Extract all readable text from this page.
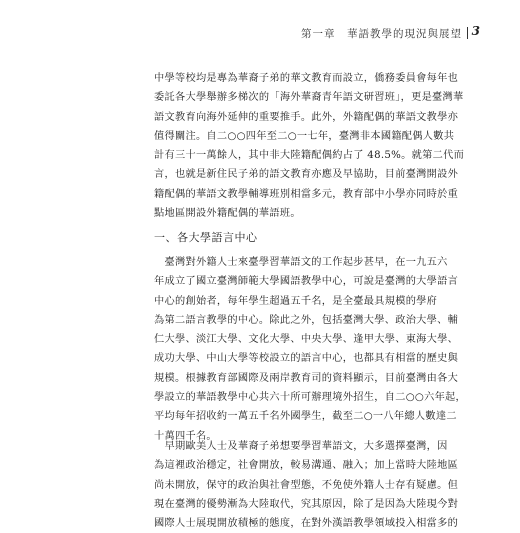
第一章　華語教學的現況與展望 3
中學等校均是專為華裔子弟的華文教育而設立，僑務委員會每年也
委託各大學舉辦多梯次的「海外華裔青年語文研習班」，更是臺灣華
語文教育向海外延伸的重要推手。此外，外籍配偶的華語文教學亦
值得關注。自二○○四年至二○一七年，臺灣非本國籍配偶人數共
計有三十一萬餘人，其中非大陸籍配偶約占了 48.5%。就第二代而
言，也就是新住民子弟的語文教育亦應及早協助，目前臺灣開設外
籍配偶的華語文教學輔導班別相當多元，教育部中小學亦同時於重
點地區開設外籍配偶的華語班。
一、各大學語言中心
　臺灣對外籍人士來臺學習華語文的工作起步甚早，在一九五六
年成立了國立臺灣師範大學國語教學中心，可說是臺灣的大學語言
中心的創始者，每年學生超過五千名，是全臺最具規模的學府
為第二語言教學的中心。除此之外，包括臺灣大學、政治大學、輔
仁大學、淡江大學、文化大學、中央大學、逢甲大學、東海大學、
成功大學、中山大學等校設立的語言中心，也都具有相當的歷史與
規模。根據教育部國際及兩岸教育司的資料顯示，目前臺灣由各大
學設立的華語教學中心共六十所可辦理境外招生，自二○○六年起，
平均每年招收約一萬五千名外國學生，截至二○一八年總人數達二
十萬四千名。
　早期歐美人士及華裔子弟想要學習華語文，大多選擇臺灣，因
為這裡政治穩定，社會開放，較易溝通、融入；加上當時大陸地區
尚未開放，保守的政治與社會型態，不免使外籍人士存有疑慮。但
現在臺灣的優勢漸為大陸取代，究其原因，除了是因為大陸現今對
國際人士展現開放積極的態度，在對外漢語教學領域投入相當多的
